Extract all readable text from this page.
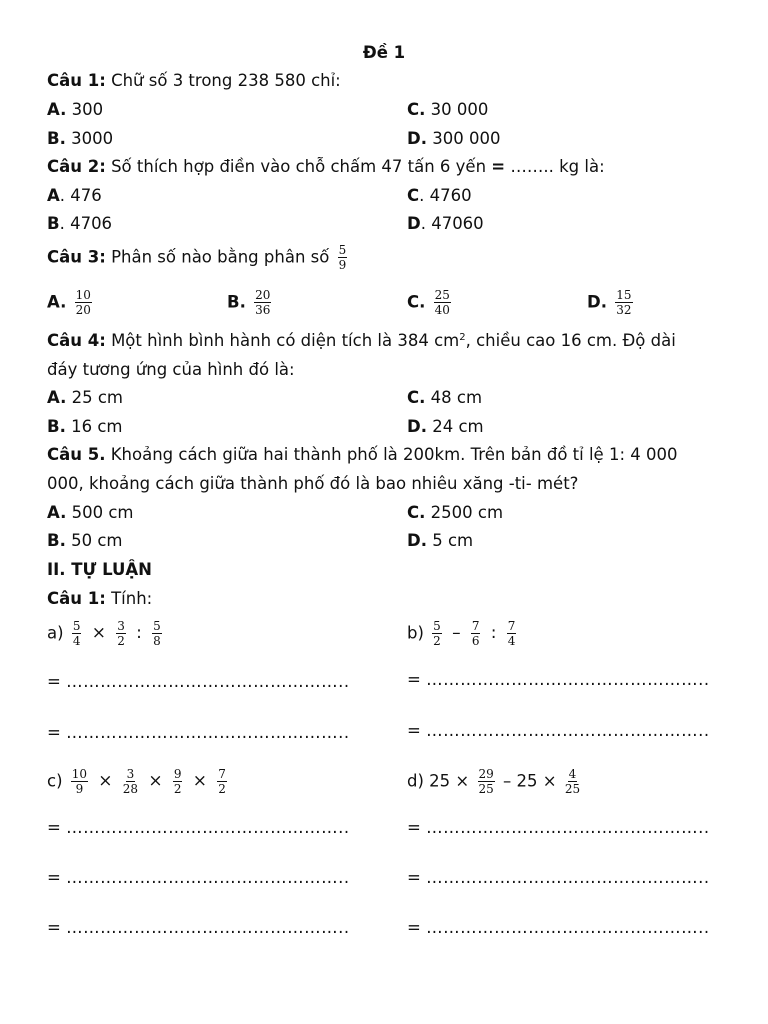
Đề 1
Câu 1: Chữ số 3 trong 238 580 chỉ:
A. 300	C. 30 000
B. 3000	D. 300 000
Câu 2: Số thích hợp điền vào chỗ chấm 47 tấn 6 yến = …….. kg là:
A. 476	C. 4760
B. 4706	D. 47060
Câu 3: Phân số nào bằng phân số $\frac{5}{9}$
A. $\frac{10}{20}$	B. $\frac{20}{36}$	C. $\frac{25}{40}$	D. $\frac{15}{32}$
Câu 4: Một hình bình hành có diện tích là 384 $cm^2$, chiều cao 16 cm. Độ dài
đáy tương ứng của hình đó là:
A. 25 cm	C. 48 cm
B. 16 cm	D. 24 cm
Câu 5. Khoảng cách giữa hai thành phố là 200km. Trên bản đồ tỉ lệ 1: 4 000
000, khoảng cách giữa thành phố đó là bao nhiêu xăng -ti- mét?
A. 500 cm	C. 2500 cm
B. 50 cm	D. 5 cm
II. TỰ LUẬN
Câu 1: Tính:
$a) \frac{5}{4} \times \frac{3}{2}$ : $\frac{5}{8}$	$b) \frac{5}{2} - \frac{7}{6}$ : $\frac{7}{4}$
= …………………………………………..	= …………………………………………..
= …………………………………………..	= …………………………………………..
$c) \frac{10}{9} \times \frac{3}{28} \times \frac{9}{2} \times \frac{7}{2}$	d) $25 \times \frac{29}{25} - 25 \times \frac{4}{25}$
= …………………………………………..	= …………………………………………..
= …………………………………………..	= …………………………………………..
= …………………………………………..	= …………………………………………..
